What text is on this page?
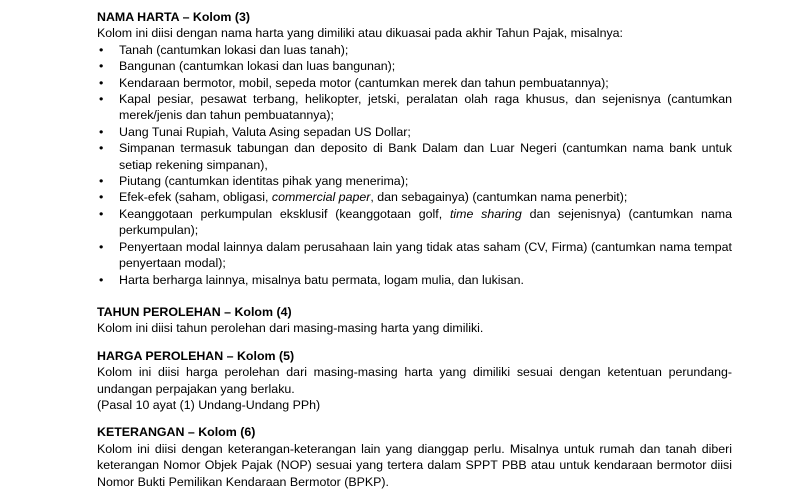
NAMA HARTA – Kolom (3)

Kolom ini diisi dengan nama harta yang dimiliki atau dikuasai pada akhir Tahun Pajak, misalnya:

• Tanah (cantumkan lokasi dan luas tanah);
• Bangunan (cantumkan lokasi dan luas bangunan);
• Kendaraan bermotor, mobil, sepeda motor (cantumkan merek dan tahun pembuatannya);
• Kapal pesiar, pesawat terbang, helikopter, jetski, peralatan olah raga khusus, dan sejenisnya (cantumkan merek/jenis dan tahun pembuatannya);
• Uang Tunai Rupiah, Valuta Asing sepadan US Dollar;
• Simpanan termasuk tabungan dan deposito di Bank Dalam dan Luar Negeri (cantumkan nama bank untuk setiap rekening simpanan),
• Piutang (cantumkan identitas pihak yang menerima);
• Efek-efek (saham, obligasi, commercial paper, dan sebagainya) (cantumkan nama penerbit);
• Keanggotaan perkumpulan eksklusif (keanggotaan golf, time sharing dan sejenisnya) (cantumkan nama perkumpulan);
• Penyertaan modal lainnya dalam perusahaan lain yang tidak atas saham (CV, Firma) (cantumkan nama tempat penyertaan modal);
• Harta berharga lainnya, misalnya batu permata, logam mulia, dan lukisan.

TAHUN PEROLEHAN – Kolom (4)

Kolom ini diisi tahun perolehan dari masing-masing harta yang dimiliki.

HARGA PEROLEHAN – Kolom (5)

Kolom ini diisi harga perolehan dari masing-masing harta yang dimiliki sesuai dengan ketentuan perundang-undangan perpajakan yang berlaku.

(Pasal 10 ayat (1) Undang-Undang PPh)

KETERANGAN – Kolom (6)

Kolom ini diisi dengan keterangan-keterangan lain yang dianggap perlu. Misalnya untuk rumah dan tanah diberi keterangan Nomor Objek Pajak (NOP) sesuai yang tertera dalam SPPT PBB atau untuk kendaraan bermotor diisi Nomor Bukti Pemilikan Kendaraan Bermotor (BPKP).
